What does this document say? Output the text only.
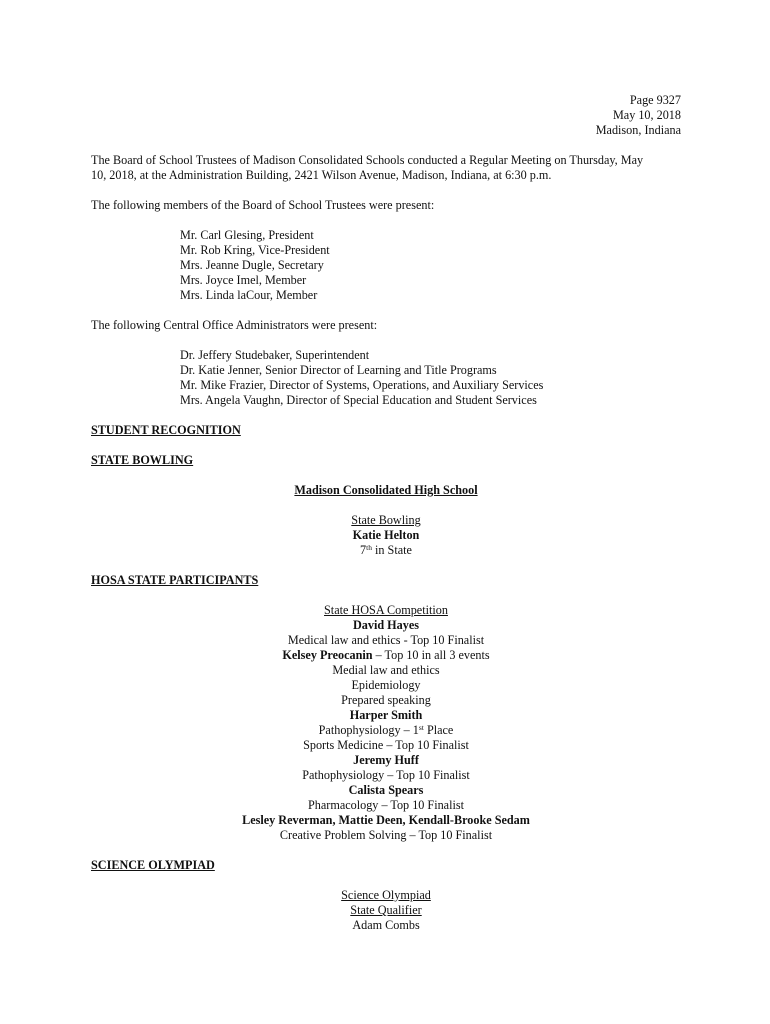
Page 9327
May 10, 2018
Madison, Indiana
The Board of School Trustees of Madison Consolidated Schools conducted a Regular Meeting on Thursday, May
10, 2018, at the Administration Building, 2421 Wilson Avenue, Madison, Indiana, at 6:30 p.m.
The following members of the Board of School Trustees were present:
Mr. Carl Glesing, President
Mr. Rob Kring, Vice-President
Mrs. Jeanne Dugle, Secretary
Mrs. Joyce Imel, Member
Mrs. Linda laCour, Member
The following Central Office Administrators were present:
Dr. Jeffery Studebaker, Superintendent
Dr. Katie Jenner, Senior Director of Learning and Title Programs
Mr. Mike Frazier, Director of Systems, Operations, and Auxiliary Services
Mrs. Angela Vaughn, Director of Special Education and Student Services
STUDENT RECOGNITION
STATE BOWLING
Madison Consolidated High School
State Bowling
Katie Helton
7th in State
HOSA STATE PARTICIPANTS
State HOSA Competition
David Hayes
Medical law and ethics - Top 10 Finalist
Kelsey Preocanin – Top 10 in all 3 events
Medial law and ethics
Epidemiology
Prepared speaking
Harper Smith
Pathophysiology – 1st Place
Sports Medicine – Top 10 Finalist
Jeremy Huff
Pathophysiology – Top 10 Finalist
Calista Spears
Pharmacology – Top 10 Finalist
Lesley Reverman, Mattie Deen, Kendall-Brooke Sedam
Creative Problem Solving – Top 10 Finalist
SCIENCE OLYMPIAD
Science Olympiad
State Qualifier
Adam Combs
